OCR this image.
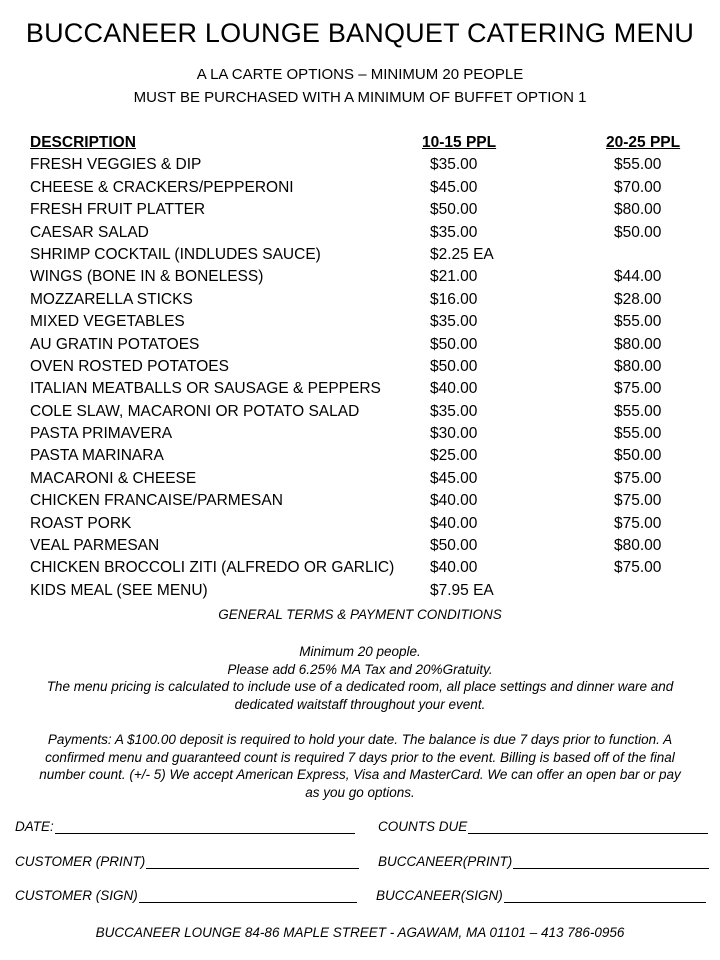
BUCCANEER LOUNGE BANQUET CATERING MENU
A LA CARTE OPTIONS – MINIMUM 20 PEOPLE
MUST BE PURCHASED WITH A MINIMUM OF BUFFET OPTION 1
DESCRIPTION	10-15 PPL	20-25 PPL
FRESH VEGGIES & DIP	$35.00	$55.00
CHEESE & CRACKERS/PEPPERONI	$45.00	$70.00
FRESH FRUIT PLATTER	$50.00	$80.00
CAESAR SALAD	$35.00	$50.00
SHRIMP COCKTAIL (INDLUDES SAUCE)	$2.25 EA
WINGS (BONE IN & BONELESS)	$21.00	$44.00
MOZZARELLA STICKS	$16.00	$28.00
MIXED VEGETABLES	$35.00	$55.00
AU GRATIN POTATOES	$50.00	$80.00
OVEN ROSTED POTATOES	$50.00	$80.00
ITALIAN MEATBALLS OR SAUSAGE & PEPPERS	$40.00	$75.00
COLE SLAW, MACARONI OR POTATO SALAD	$35.00	$55.00
PASTA PRIMAVERA	$30.00	$55.00
PASTA MARINARA	$25.00	$50.00
MACARONI & CHEESE	$45.00	$75.00
CHICKEN FRANCAISE/PARMESAN	$40.00	$75.00
ROAST PORK	$40.00	$75.00
VEAL PARMESAN	$50.00	$80.00
CHICKEN BROCCOLI ZITI (ALFREDO OR GARLIC) $40.00	$75.00
KIDS MEAL (SEE MENU)	$7.95 EA
GENERAL TERMS & PAYMENT CONDITIONS
Minimum 20 people.
Please add 6.25% MA Tax and 20%Gratuity.
The menu pricing is calculated to include use of a dedicated room, all place settings and dinner ware and
dedicated waitstaff throughout your event.
Payments: A $100.00 deposit is required to hold your date. The balance is due 7 days prior to function. A
confirmed menu and guaranteed count is required 7 days prior to the event. Billing is based off of the final
number count. (+/- 5) We accept American Express, Visa and MasterCard. We can offer an open bar or pay
as you go options.
DATE:	COUNTS DUE
CUSTOMER (PRINT)	BUCCANEER(PRINT)
CUSTOMER (SIGN)	BUCCANEER(SIGN)
BUCCANEER LOUNGE 84-86 MAPLE STREET - AGAWAM, MA 01101 – 413 786-0956
